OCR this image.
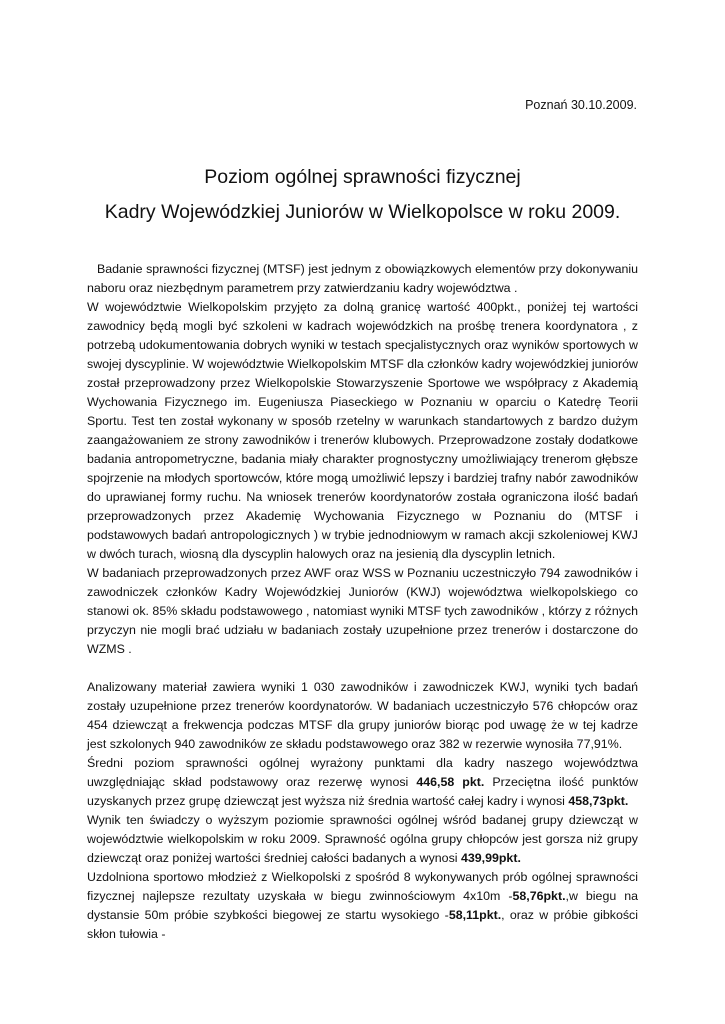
Poznań 30.10.2009.
Poziom ogólnej sprawności fizycznej
Kadry Wojewódzkiej Juniorów w Wielkopolsce w roku 2009.

Badanie sprawności fizycznej (MTSF) jest jednym z obowiązkowych elementów przy dokonywaniu naboru oraz niezbędnym parametrem przy zatwierdzaniu kadry województwa .

W województwie Wielkopolskim przyjęto za dolną granicę wartość 400pkt., poniżej tej wartości zawodnicy będą mogli być szkoleni w kadrach wojewódzkich na prośbę trenera koordynatora , z potrzebą udokumentowania dobrych wyniki w testach specjalistycznych oraz wyników sportowych w swojej dyscyplinie. W województwie Wielkopolskim MTSF dla członków kadry wojewódzkiej juniorów został przeprowadzony przez Wielkopolskie Stowarzyszenie Sportowe we współpracy z Akademią Wychowania Fizycznego im. Eugeniusza Piaseckiego w Poznaniu w oparciu o Katedrę Teorii Sportu. Test ten został wykonany w sposób rzetelny w warunkach standartowych z bardzo dużym zaangażowaniem ze strony zawodników i trenerów klubowych. Przeprowadzone zostały dodatkowe badania antropometryczne, badania miały charakter prognostyczny umożliwiający trenerom głębsze spojrzenie na młodych sportowców, które mogą umożliwić lepszy i bardziej trafny nabór zawodników do uprawianej formy ruchu. Na wniosek trenerów koordynatorów została ograniczona ilość badań przeprowadzonych przez Akademię Wychowania Fizycznego w Poznaniu do (MTSF i podstawowych badań antropologicznych ) w trybie jednodniowym w ramach akcji szkoleniowej KWJ w dwóch turach, wiosną dla dyscyplin halowych oraz na jesienią dla dyscyplin letnich.

W badaniach przeprowadzonych przez AWF oraz WSS w Poznaniu uczestniczyło 794 zawodników i zawodniczek członków Kadry Wojewódzkiej Juniorów (KWJ) województwa wielkopolskiego co stanowi ok. 85% składu podstawowego , natomiast wyniki MTSF tych zawodników , którzy z różnych przyczyn nie mogli brać udziału w badaniach zostały uzupełnione przez trenerów i dostarczone do WZMS .

Analizowany materiał zawiera wyniki 1 030 zawodników i zawodniczek KWJ, wyniki tych badań zostały uzupełnione przez trenerów koordynatorów. W badaniach uczestniczyło 576 chłopców oraz 454 dziewcząt a frekwencja podczas MTSF dla grupy juniorów biorąc pod uwagę że w tej kadrze jest szkolonych 940 zawodników ze składu podstawowego oraz 382 w rezerwie wynosiła 77,91%.

Średni poziom sprawności ogólnej wyrażony punktami dla kadry naszego województwa uwzględniając skład podstawowy oraz rezerwę wynosi 446,58 pkt. Przeciętna ilość punktów uzyskanych przez grupę dziewcząt jest wyższa niż średnia wartość całej kadry i wynosi 458,73pkt.

Wynik ten świadczy o wyższym poziomie sprawności ogólnej wśród badanej grupy dziewcząt w województwie wielkopolskim w roku 2009. Sprawność ogólna grupy chłopców jest gorsza niż grupy dziewcząt oraz poniżej wartości średniej całości badanych a wynosi 439,99pkt.

Uzdolniona sportowo młodzież z Wielkopolski z spośród 8 wykonywanych prób ogólnej sprawności fizycznej najlepsze rezultaty uzyskała w biegu zwinnościowym 4x10m -58,76pkt.,w biegu na dystansie 50m próbie szybkości biegowej ze startu wysokiego -58,11pkt., oraz w próbie gibkości skłon tułowia -
